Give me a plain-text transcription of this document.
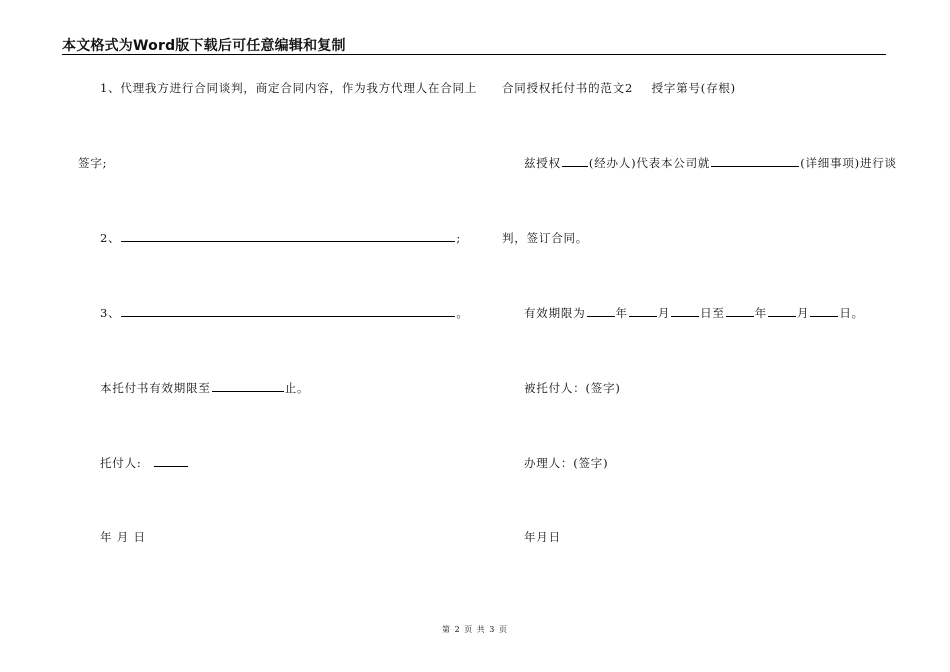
本文格式为Word版下载后可任意编辑和复制
1、代理我方进行合同谈判，商定合同内容，作为我方代理人在合同上
签字;
2、	;
3、	。
本托付书有效期限至	止。
托付人:
年 月 日
合同授权托付书的范文2 授字第号(存根)
兹授权 (经办人)代表本公司就	(详细事项)进行谈
判，签订合同。
有效期限为	年	月	日至	年	月	日。
被托付人：(签字)
办理人：(签字)
年月日
第 2 页 共 3 页
